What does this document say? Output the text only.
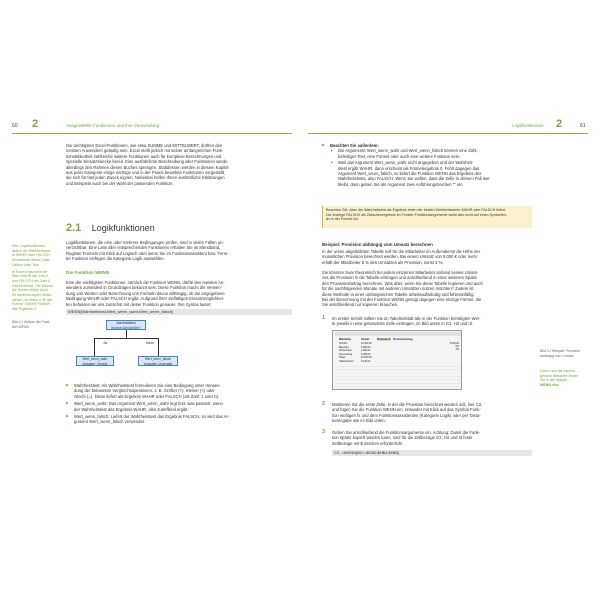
60 2	Ausgewählte Funktionen und ihre Verwendung
Die wichtigsten Excel-Funktionen, wie etwa SUMME und MITTELWERT, dürften den
meisten Anwendern geläufig sein. Excel stellt jedoch mit seiner umfangreichen Funk-
tionsbibliothek zahlreiche weitere Funktionen auch für komplexe Berechnungen und
spezielle Einsatzzwecke bereit. Eine ausführliche Beschreibung aller Funktionen würde
allerdings den Rahmen dieses Buches sprengen. Stattdessen werden in diesem Kapitel
aus jeder Kategorie einige wichtige und in der Praxis bewährte Funktionen vorgestellt,
die sich für fast jeden Zweck eignen. Nebenbei helfen Ihnen ausführliche Erklärungen
und Beispiele auch bei der Wahl der passenden Funktion.
2.1 Logikfunktionen
Info: Logikfunktionen
liefern die Wahrheitswer-
te WAHR oder FALSCH
(Boolesche Werte) statt
Zahlen oder Text.
In Excel entspricht der
Wert WAHR der Zahl 1
und FALSCH der Zahl 0.
Das bedeutet, Sie können
die beiden Werte auch
für Berechnungen heran-
ziehen, so liefert z. B. die
Formel =WAHR+WAHR
das Ergebnis 2.
Logikfunktionen, die eine oder mehrere Bedingungen prüfen, sind in vielen Fällen un-
verzichtbar. Eine Liste aller entsprechenden Funktionen erhalten Sie im Menüband,
Register Formeln mit Klick auf Logisch oder wenn Sie im Funktionsassistent bzw. Fens-
ter Funktion einfügen die Kategorie Logik auswählen.
Die Funktion WENN
Eine der wichtigsten Funktionen, nämlich die Funktion WENN, dürfte den meisten An-
wendern zumindest in Grundzügen bekannt sein. Diese Funktion macht die Verwen-
dung von Werten oder Berechnung von Formeln davon abhängig, ob die angegebene
Bedingung WAHR oder FALSCH ergibt. Aufgrund ihrer vielfältigen Einsatzmöglichkei-
ten befassen wir uns zunächst mit dieser Funktion genauer. Ihre Syntax lautet:
WENN(Wahrheitstest;Wert_wenn_wahr;Wert_wenn_falsch)
Bild 2.1 Aufbau der Funk-
tion WENN
Wahrheitstest
ist eine Zahl größer?
Ja	Nein
Wert_wenn_wahr
Ausgabe: Gerade
Wert_wenn_falsch
Ausgabe: Ungerade
▶ Wahrheitstest: Als Wahrheitstest formulieren Sie eine Bedingung unter Verwen-
dung der bekannten Vergleichsoperatoren, z. B. Größer (>), Kleiner (<) oder
Gleich (=). Diese liefert als Ergebnis WAHR oder FALSCH (als Zahl: 1 oder 0).
▶ Wert_wenn_wahr: Das Argument Wert_wenn_wahr legt fest, was passiert, wenn
der Wahrheitstest das Ergebnis WAHR, also zutreffend ergibt.
▶ Wert_wenn_falsch: Liefert der Wahrheitstest das Ergebnis FALSCH, so wird das Ar-
gument Wert_wenn_falsch verwendet.
Logikfunktionen 2	61
▶ Beachten Sie außerdem:
• Die Argumente Wert_wenn_wahr und Wert_wenn_falsch können eine Zahl,
beliebiger Text, eine Formel oder auch eine weitere Funktion sein.
• Weil das Argument Wert_wenn_wahr nicht angegeben und der Wahrheit-
stest ergibt WAHR, dann erscheint als Formelergebnis 0. Fehlt dagegen das
Argument Wert_wenn_falsch, so liefert die Funktion WENN das Ergebnis des
Wahrheitstests, also FALSCH. Wenn Sie wollen, dass die Zelle in diesem Fall leer
bleibt, dann geben Sie als Argument zwei Anführungszeichen "" ein.
Beachten Sie, dass der Wahrheitstest als Ergebnis einen der beiden Wahrheitswerte WAHR oder FALSCH liefert.
Die Anzeige FALSCH als Zwischenergebnis im Fenster Funktionsargumente weist also nicht auf einen Syntaxfeh-
ler in der Formel hin.
Beispiel: Provision abhängig vom Umsatz berechnen
In der unten abgebildeten Tabelle soll für die Mitarbeiter im Außendienst die Höhe der
monatlichen Provision berechnet werden. Bei einem Umsatz von 5.000 € oder mehr
erhält der Mitarbeiter 5 % des Umsatzes als Provision, sonst 3 %.
Sie könnten zwar theoretisch bei jedem einzelnen Mitarbeiter anhand seines Umsat-
zes die Provision in die Tabelle eintragen und anschließend in einer weiteren Spalte
den Provisionsbetrag berechnen. Was aber, wenn Sie diese Tabelle kopieren und auch
für die nachfolgenden Monate mit anderen Umsätzen nutzen möchten? Zudem ist
diese Methode in einer umfangreichen Tabelle arbeitsaufwändig und fehleranfällig.
Bei der Berechnung mit der Funktion WENN genügt dagegen eine einzige Formel, die
Sie anschließend nur kopieren brauchen.
1 Im ersten Schritt sollten Sie im Tabellenblatt alle in der Funktion benötigten Wer-
te jeweils in eine gesonderte Zelle eintragen, im Bild unten in G2, H2 und I3.
Mitarbeiter	Umsatz	Provision % Provisionsbetrag
Fröhlich	12.000,00
Bauerlein	8.000,00
Wintermann	4.000,00
Sonnenberg	6.000,00
Haupt	15.000,00
Habelschacht	5.100,00
5.000,00
5%
3%	Bild 2.2 Beispiel: Provision
abhängig vom Umsatz
Daten und die nachfol-
genden Beispiele finden
Sie in der Mappe:
WENN.xlsx
2 Markieren Sie die erste Zelle, in der die Provision berechnet werden soll, hier C2,
und fügen Sie die Funktion WENN ein, entweder mit Klick auf das Symbol Funk-
tion einfügen fx und dem Funktionsassistenten (Kategorie Logik) oder per Tasta-
tureingabe wie im Bild unten.
3 Geben Sie anschließend die Funktionsargumente ein. Achtung: Damit die Funk-
tion später kopiert werden kann, sind für die Zellbezüge G2, H2 und I3 feste
Zellbezüge mit $-Zeichen erforderlich!
C2: =WENN(B2>=$G$2;$H$2;$H$3)
